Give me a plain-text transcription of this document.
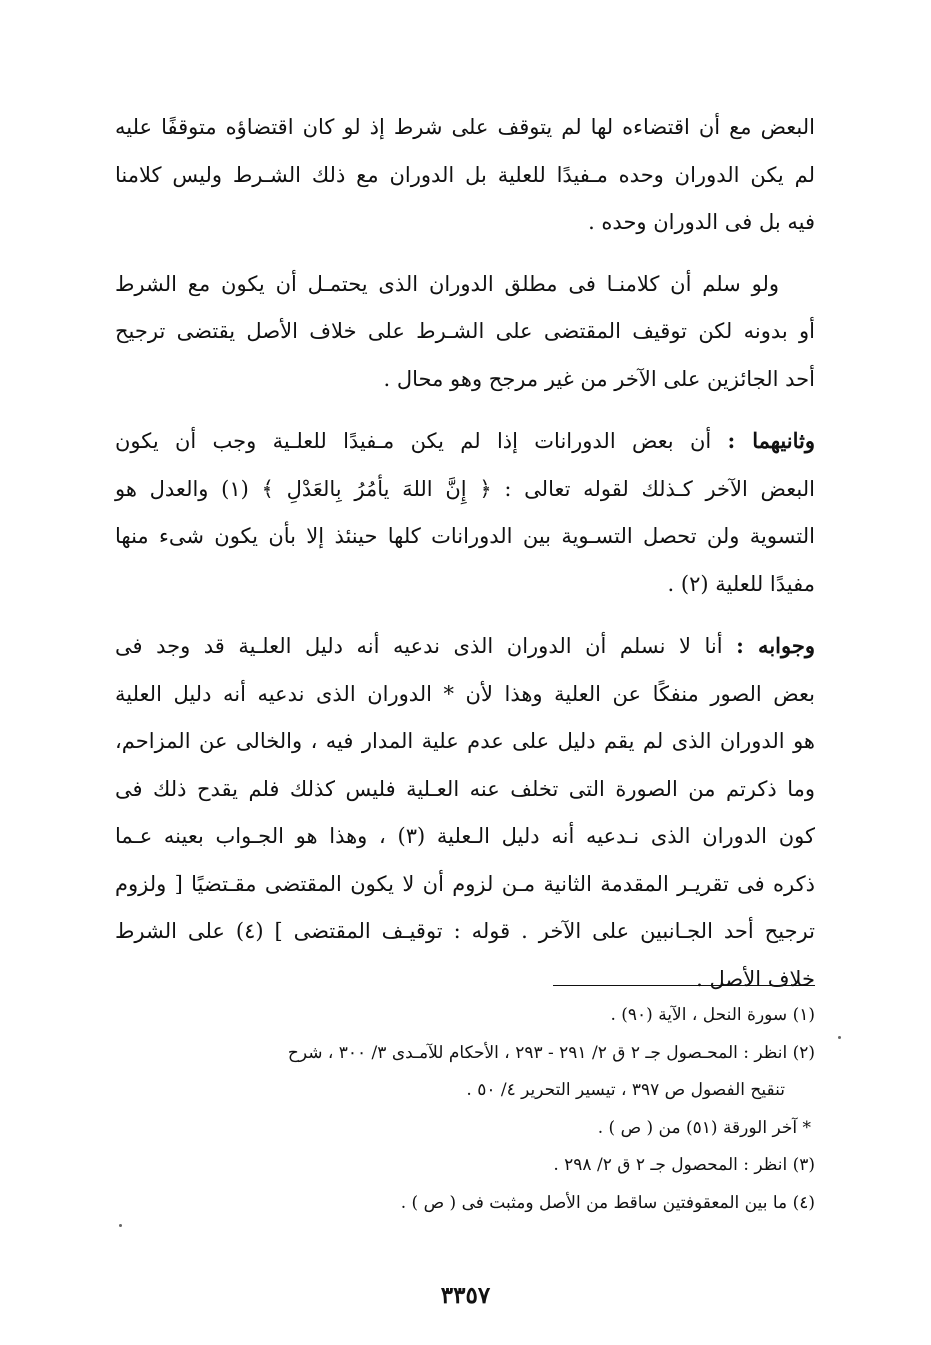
البعض مع أن اقتضاءه لها لم يتوقف على شرط إذ لو كان اقتضاؤه متوقفًا عليه
لم يكن الدوران وحده مـفيدًا للعلية بل الدوران مع ذلك الشـرط وليس كلامنا
فيه بل فى الدوران وحده .

ولو سلم أن كلامنـا فى مطلق الدوران الذى يحتمـل أن يكون مع الشرط
أو بدونه لكن توقيف المقتضى على الشـرط على خلاف الأصل يقتضى ترجيح
أحد الجائزين على الآخر من غير مرجح وهو محال .

وثانيهما : أن بعض الدورانات إذا لم يكن مـفيدًا للعلـية وجب أن يكون
البعض الآخر كـذلك لقوله تعالى : ﴿ إِنَّ اللهَ يأمُرُ بِالعَدْلِ ﴾ (١) والعدل هو
التسوية ولن تحصل التسـوية بين الدورانات كلها حينئذ إلا بأن يكون شىء منها
مفيدًا للعلية (٢) .

وجوابه : أنا لا نسلم أن الدوران الذى ندعيه أنه دليل العلـية قد وجد فى
بعض الصور منفكًا عن العلية وهذا لأن * الدوران الذى ندعيه أنه دليل العلية
هو الدوران الذى لم يقم دليل على عدم علية المدار فيه ، والخالى عن المزاحم،
وما ذكرتم من الصورة التى تخلف عنه العـلية فليس كذلك فلم يقدح ذلك فى
كون الدوران الذى نـدعيه أنه دليل الـعلية (٣) ، وهذا هو الجـواب بعينه عـما
ذكره فى تقريـر المقدمة الثانية مـن لزوم أن لا يكون المقتضى مقـتضيًا [ ولزوم
ترجيح أحد الجـانبين على الآخر . قوله : توقيـف المقتضى ] (٤) على الشرط
خلاف الأصل .

(١) سورة النحل ، الآية (٩٠) .
(٢) انظر : المحـصول جـ ٢ ق ٢/ ٢٩١ - ٢٩٣ ، الأحكام للآمـدى ٣/ ٣٠٠ ، شرح
تنقيح الفصول ص ٣٩٧ ، تيسير التحرير ٤/ ٥٠ .
* آخر الورقة (٥١) من ( ص ) .
(٣) انظر : المحصول جـ ٢ ق ٢/ ٢٩٨ .
(٤) ما بين المعقوفتين ساقط من الأصل ومثبت فى ( ص ) .
٣٣٥٧
